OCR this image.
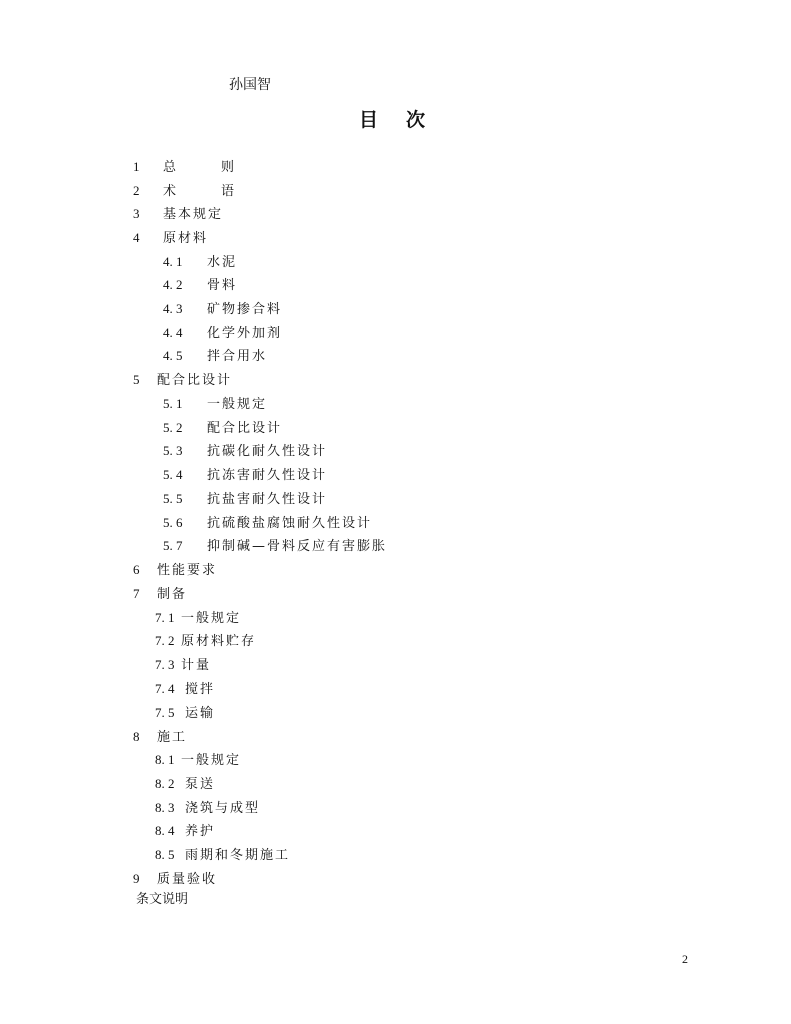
孙国智
目次
1 总　则
2 术　语
3 基本规定
4 原材料
4. 1 水泥
4. 2 骨料
4. 3 矿物掺合料
4. 4 化学外加剂
4. 5 拌合用水
5 配合比设计
5. 1 一般规定
5. 2 配合比设计
5. 3 抗碳化耐久性设计
5. 4 抗冻害耐久性设计
5. 5 抗盐害耐久性设计
5. 6 抗硫酸盐腐蚀耐久性设计
5. 7 抑制碱—骨料反应有害膨胀
6 性能要求
7 制备
7. 1 一般规定
7. 2 原材料贮存
7. 3 计量
7. 4 搅拌
7. 5 运输
8 施工
8. 1 一般规定
8. 2 泵送
8. 3 浇筑与成型
8. 4 养护
8. 5 雨期和冬期施工
9 质量验收
条文说明
2
